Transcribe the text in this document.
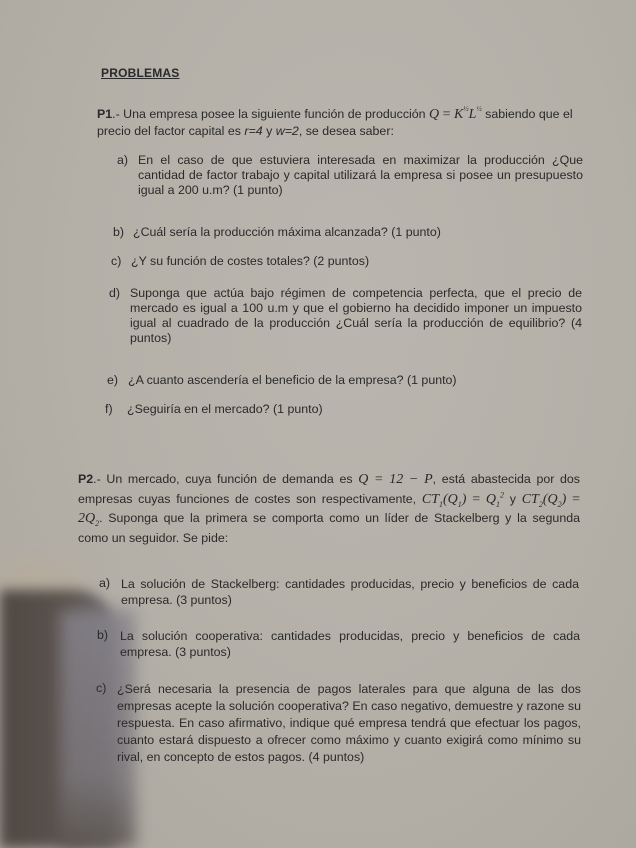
PROBLEMAS
P1.- Una empresa posee la siguiente función de producción $Q = K^{\frac{1}{2}}L^{\frac{1}{2}}$ sabiendo que el
precio del factor capital es r=4 y w=2, se desea saber:
a) En el caso de que estuviera interesada en maximizar la producción ¿Que cantidad de factor trabajo y capital utilizará la empresa si posee un presupuesto igual a 200 u.m? (1 punto)
b) ¿Cuál sería la producción máxima alcanzada? (1 punto)
c) ¿Y su función de costes totales? (2 puntos)
d) Suponga que actúa bajo régimen de competencia perfecta, que el precio de mercado es igual a 100 u.m y que el gobierno ha decidido imponer un impuesto igual al cuadrado de la producción ¿Cuál sería la producción de equilibrio? (4 puntos)
e) ¿A cuanto ascendería el beneficio de la empresa? (1 punto)
f) ¿Seguiría en el mercado? (1 punto)
P2.- Un mercado, cuya función de demanda es Q = 12 − P, está abastecida por dos empresas cuyas funciones de costes son respectivamente, $CT_1(Q_1) = Q_1^2$ y $CT_2(Q_2) = 2Q_2$. Suponga que la primera se comporta como un líder de Stackelberg y la segunda como un seguidor. Se pide:
a) La solución de Stackelberg: cantidades producidas, precio y beneficios de cada empresa. (3 puntos)
b) La solución cooperativa: cantidades producidas, precio y beneficios de cada empresa. (3 puntos)
c) ¿Será necesaria la presencia de pagos laterales para que alguna de las dos empresas acepte la solución cooperativa? En caso negativo, demuestre y razone su respuesta. En caso afirmativo, indique qué empresa tendrá que efectuar los pagos, cuanto estará dispuesto a ofrecer como máximo y cuanto exigirá como mínimo su rival, en concepto de estos pagos. (4 puntos)
